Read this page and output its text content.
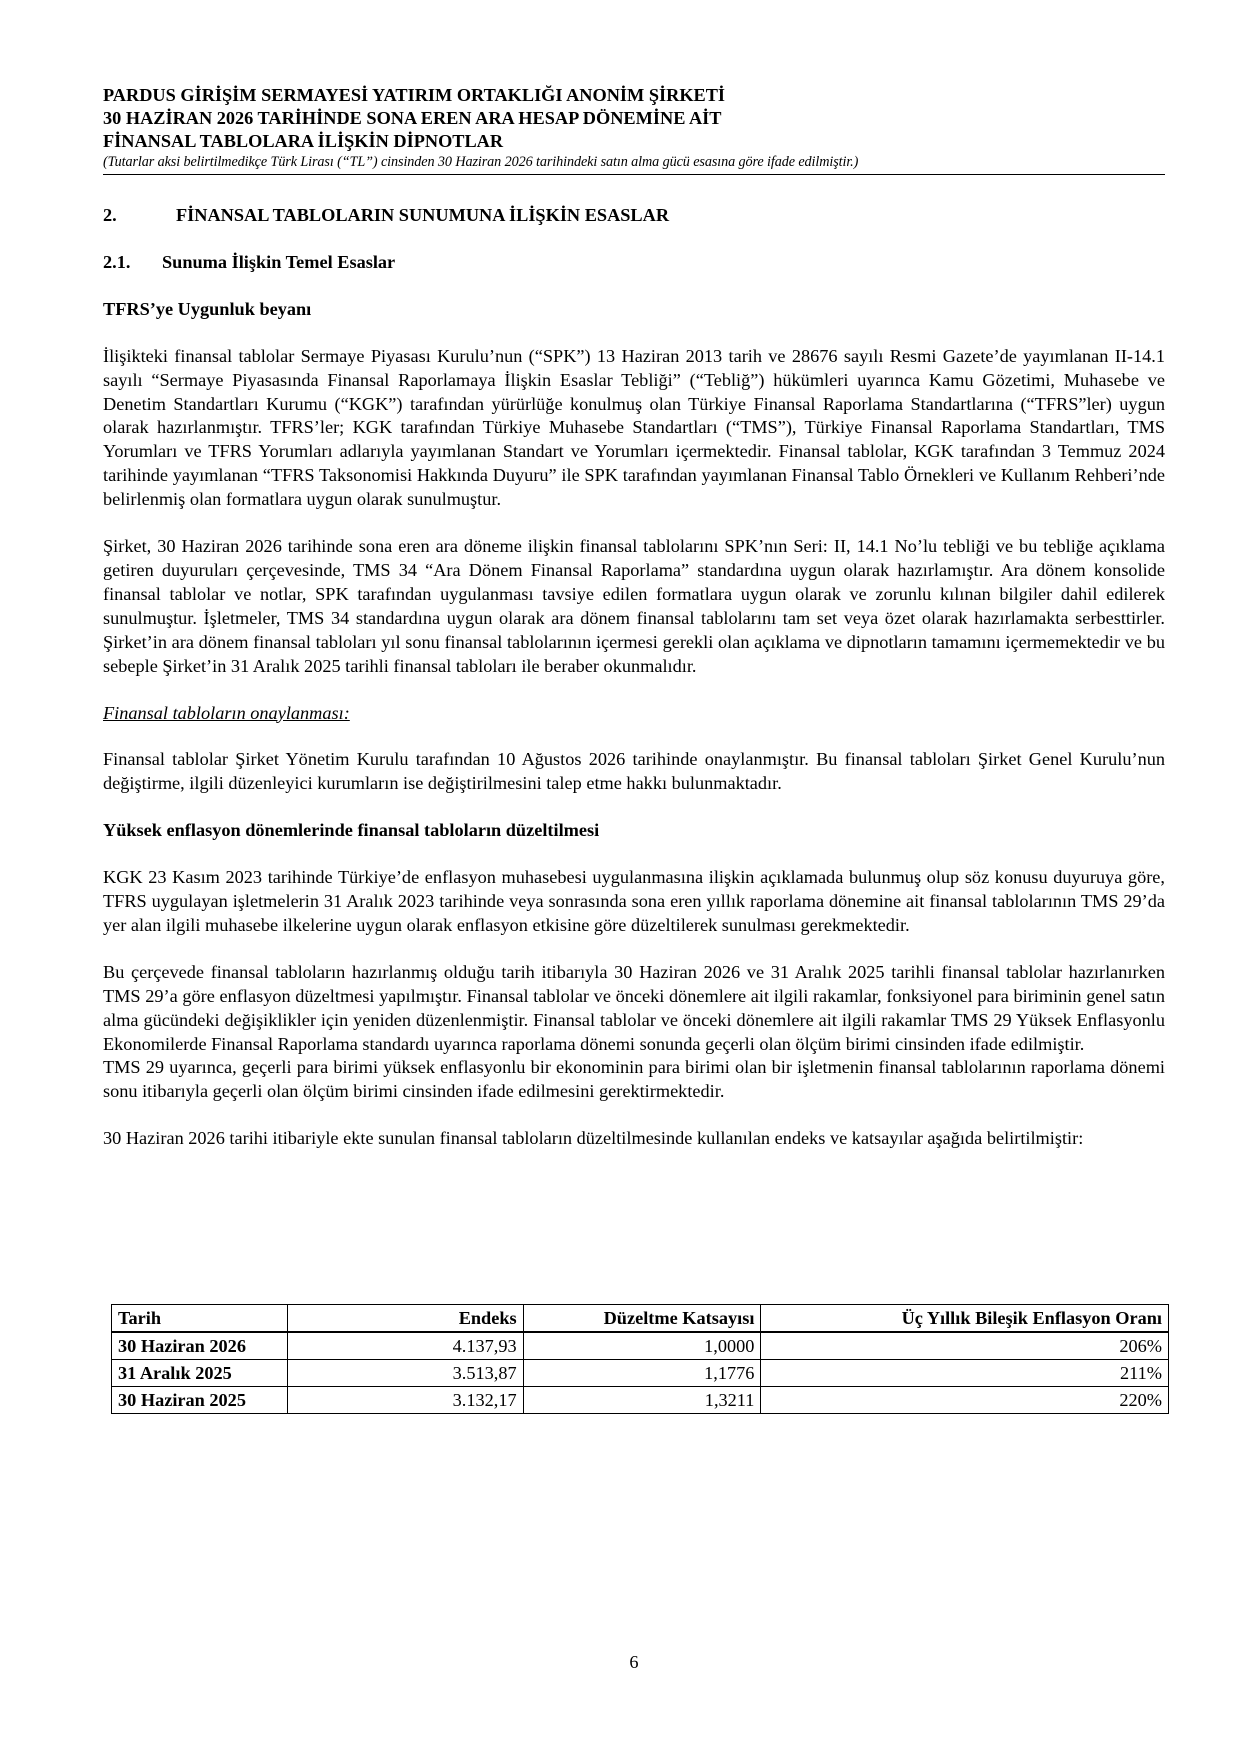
PARDUS GİRİŞİM SERMAYESİ YATIRIM ORTAKLIĞI ANONİM ŞİRKETİ
30 HAZİRAN 2026 TARİHİNDE SONA EREN ARA HESAP DÖNEMİNE AİT
FİNANSAL TABLOLARA İLİŞKİN DİPNOTLAR
(Tutarlar aksi belirtilmedikçe Türk Lirası (“TL”) cinsinden 30 Haziran 2026 tarihindeki satın alma gücü esasına göre ifade edilmiştir.)

2.	FİNANSAL TABLOLARIN SUNUMUNA İLİŞKİN ESASLAR

2.1. Sunuma İlişkin Temel Esaslar

TFRS’ye Uygunluk beyanı

İlişikteki finansal tablolar Sermaye Piyasası Kurulu’nun (“SPK”) 13 Haziran 2013 tarih ve 28676 sayılı Resmi Gazete’de yayımlanan II-14.1 sayılı “Sermaye Piyasasında Finansal Raporlamaya İlişkin Esaslar Tebliği” (“Tebliğ”) hükümleri uyarınca Kamu Gözetimi, Muhasebe ve Denetim Standartları Kurumu (“KGK”) tarafından yürürlüğe konulmuş olan Türkiye Finansal Raporlama Standartlarına (“TFRS”ler) uygun olarak hazırlanmıştır. TFRS’ler; KGK tarafından Türkiye Muhasebe Standartları (“TMS”), Türkiye Finansal Raporlama Standartları, TMS Yorumları ve TFRS Yorumları adlarıyla yayımlanan Standart ve Yorumları içermektedir. Finansal tablolar, KGK tarafından 3 Temmuz 2024 tarihinde yayımlanan “TFRS Taksonomisi Hakkında Duyuru” ile SPK tarafından yayımlanan Finansal Tablo Örnekleri ve Kullanım Rehberi’nde belirlenmiş olan formatlara uygun olarak sunulmuştur.

Şirket, 30 Haziran 2026 tarihinde sona eren ara döneme ilişkin finansal tablolarını SPK’nın Seri: II, 14.1 No’lu tebliği ve bu tebliğe açıklama getiren duyuruları çerçevesinde, TMS 34 “Ara Dönem Finansal Raporlama” standardına uygun olarak hazırlamıştır. Ara dönem konsolide finansal tablolar ve notlar, SPK tarafından uygulanması tavsiye edilen formatlara uygun olarak ve zorunlu kılınan bilgiler dahil edilerek sunulmuştur. İşletmeler, TMS 34 standardına uygun olarak ara dönem finansal tablolarını tam set veya özet olarak hazırlamakta serbesttirler. Şirket’in ara dönem finansal tabloları yıl sonu finansal tablolarının içermesi gerekli olan açıklama ve dipnotların tamamını içermemektedir ve bu sebeple Şirket’in 31 Aralık 2025 tarihli finansal tabloları ile beraber okunmalıdır.

Finansal tabloların onaylanması:

Finansal tablolar Şirket Yönetim Kurulu tarafından 10 Ağustos 2026 tarihinde onaylanmıştır. Bu finansal tabloları Şirket Genel Kurulu’nun değiştirme, ilgili düzenleyici kurumların ise değiştirilmesini talep etme hakkı bulunmaktadır.

Yüksek enflasyon dönemlerinde finansal tabloların düzeltilmesi

KGK 23 Kasım 2023 tarihinde Türkiye’de enflasyon muhasebesi uygulanmasına ilişkin açıklamada bulunmuş olup söz konusu duyuruya göre, TFRS uygulayan işletmelerin 31 Aralık 2023 tarihinde veya sonrasında sona eren yıllık raporlama dönemine ait finansal tablolarının TMS 29’da yer alan ilgili muhasebe ilkelerine uygun olarak enflasyon etkisine göre düzeltilerek sunulması gerekmektedir.

Bu çerçevede finansal tabloların hazırlanmış olduğu tarih itibarıyla 30 Haziran 2026 ve 31 Aralık 2025 tarihli finansal tablolar hazırlanırken TMS 29’a göre enflasyon düzeltmesi yapılmıştır. Finansal tablolar ve önceki dönemlere ait ilgili rakamlar, fonksiyonel para biriminin genel satın alma gücündeki değişiklikler için yeniden düzenlenmiştir. Finansal tablolar ve önceki dönemlere ait ilgili rakamlar TMS 29 Yüksek Enflasyonlu Ekonomilerde Finansal Raporlama standardı uyarınca raporlama dönemi sonunda geçerli olan ölçüm birimi cinsinden ifade edilmiştir.

TMS 29 uyarınca, geçerli para birimi yüksek enflasyonlu bir ekonominin para birimi olan bir işletmenin finansal tablolarının raporlama dönemi sonu itibarıyla geçerli olan ölçüm birimi cinsinden ifade edilmesini gerektirmektedir.

30 Haziran 2026 tarihi itibariyle ekte sunulan finansal tabloların düzeltilmesinde kullanılan endeks ve katsayılar aşağıda belirtilmiştir:

Tarih	Endeks	Düzeltme Katsayısı	Üç Yıllık Bileşik Enflasyon Oranı
30 Haziran 2026	4.137,93	1,0000	206%
31 Aralık 2025	3.513,87	1,1776	211%
30 Haziran 2025	3.132,17	1,3211	220%
6
